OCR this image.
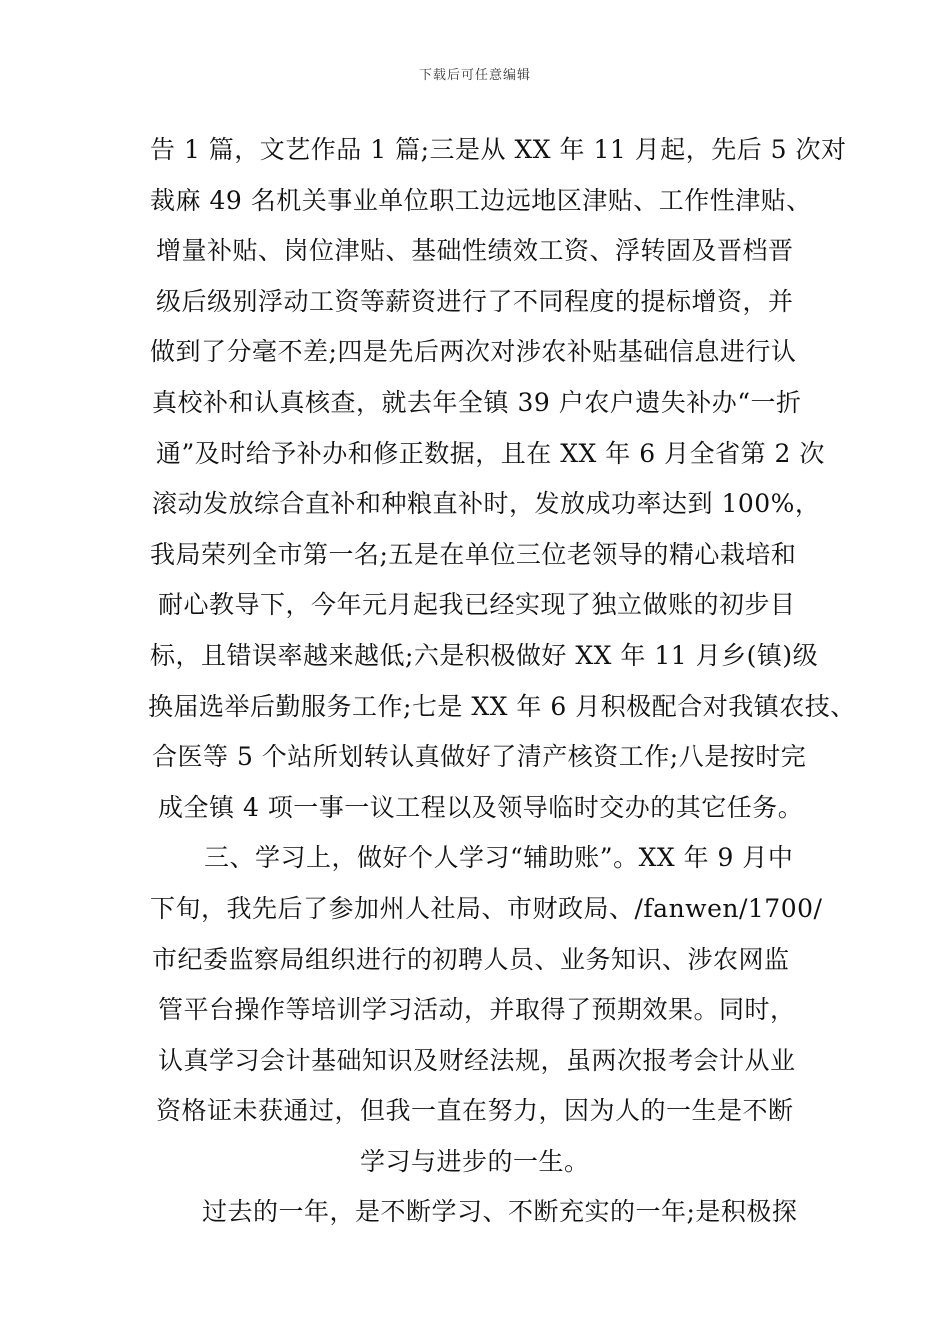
下载后可任意编辑
告 1 篇，文艺作品 1 篇;三是从 XX 年 11 月起，先后 5 次对
裁麻 49 名机关事业单位职工边远地区津贴、工作性津贴、
增量补贴、岗位津贴、基础性绩效工资、浮转固及晋档晋
级后级别浮动工资等薪资进行了不同程度的提标增资，并
做到了分毫不差;四是先后两次对涉农补贴基础信息进行认
真校补和认真核查，就去年全镇 39 户农户遗失补办“一折
通”及时给予补办和修正数据，且在 XX 年 6 月全省第 2 次
滚动发放综合直补和种粮直补时，发放成功率达到 100%，
我局荣列全市第一名;五是在单位三位老领导的精心栽培和
耐心教导下，今年元月起我已经实现了独立做账的初步目
标，且错误率越来越低;六是积极做好 XX 年 11 月乡(镇)级
换届选举后勤服务工作;七是 XX 年 6 月积极配合对我镇农技、
合医等 5 个站所划转认真做好了清产核资工作;八是按时完
成全镇 4 项一事一议工程以及领导临时交办的其它任务。
三、学习上，做好个人学习“辅助账”。XX 年 9 月中
下旬，我先后了参加州人社局、市财政局、/fanwen/1700/
市纪委监察局组织进行的初聘人员、业务知识、涉农网监
管平台操作等培训学习活动，并取得了预期效果。同时，
认真学习会计基础知识及财经法规，虽两次报考会计从业
资格证未获通过，但我一直在努力，因为人的一生是不断
学习与进步的一生。
过去的一年，是不断学习、不断充实的一年;是积极探
